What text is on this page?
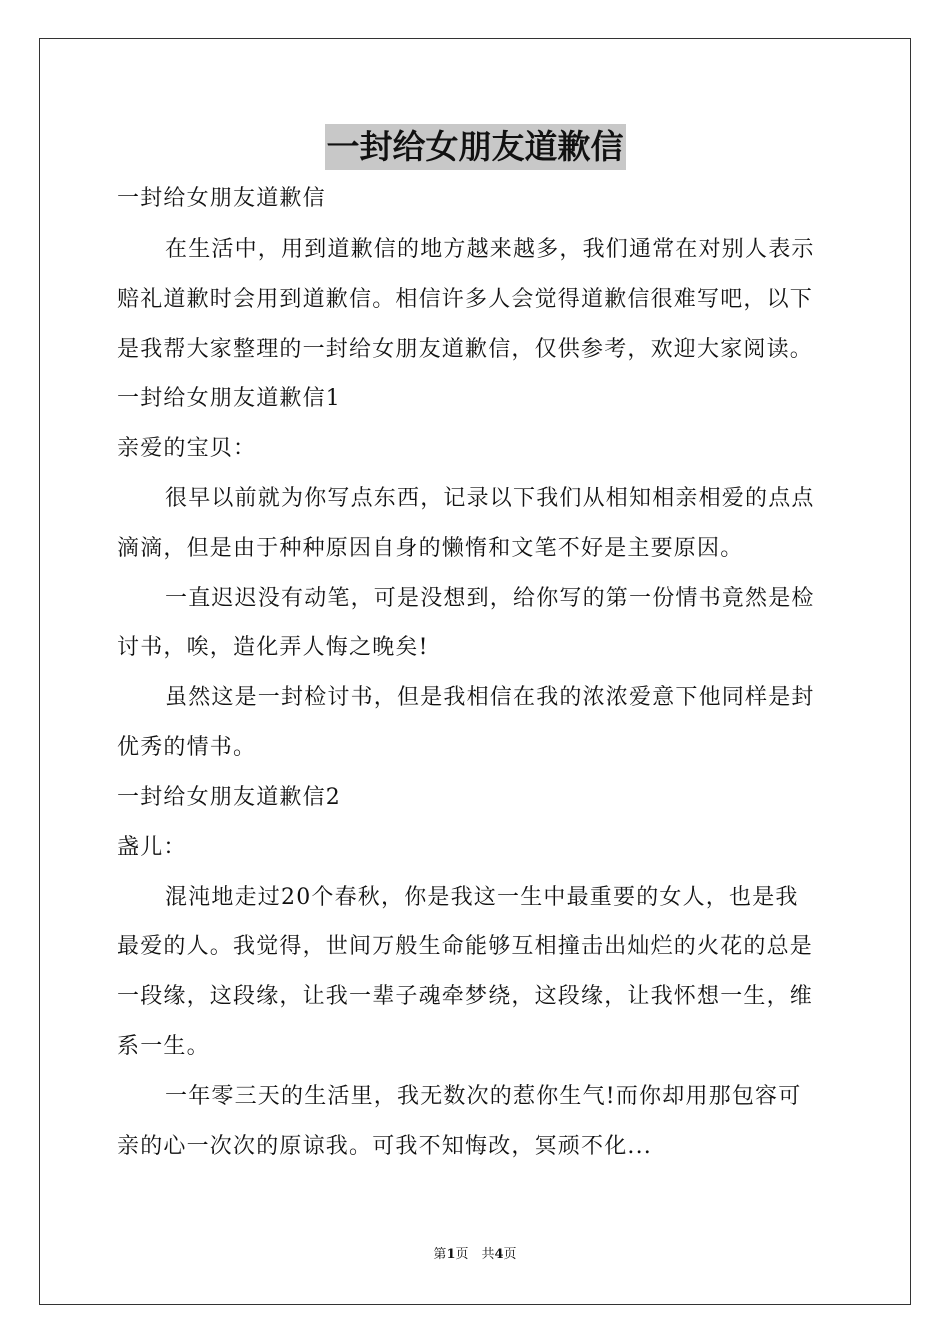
一封给女朋友道歉信
一封给女朋友道歉信
在生活中，用到道歉信的地方越来越多，我们通常在对别人表示
赔礼道歉时会用到道歉信。相信许多人会觉得道歉信很难写吧，以下
是我帮大家整理的一封给女朋友道歉信，仅供参考，欢迎大家阅读。
一封给女朋友道歉信1
亲爱的宝贝：
很早以前就为你写点东西，记录以下我们从相知相亲相爱的点点
滴滴，但是由于种种原因自身的懒惰和文笔不好是主要原因。
一直迟迟没有动笔，可是没想到，给你写的第一份情书竟然是检
讨书，唉，造化弄人悔之晚矣!
虽然这是一封检讨书，但是我相信在我的浓浓爱意下他同样是封
优秀的情书。
一封给女朋友道歉信2
盏儿：
混沌地走过20个春秋，你是我这一生中最重要的女人，也是我
最爱的人。我觉得，世间万般生命能够互相撞击出灿烂的火花的总是
一段缘，这段缘，让我一辈子魂牵梦绕，这段缘，让我怀想一生，维
系一生。
一年零三天的生活里，我无数次的惹你生气!而你却用那包容可
亲的心一次次的原谅我。可我不知悔改，冥顽不化...
第1页　共4页
